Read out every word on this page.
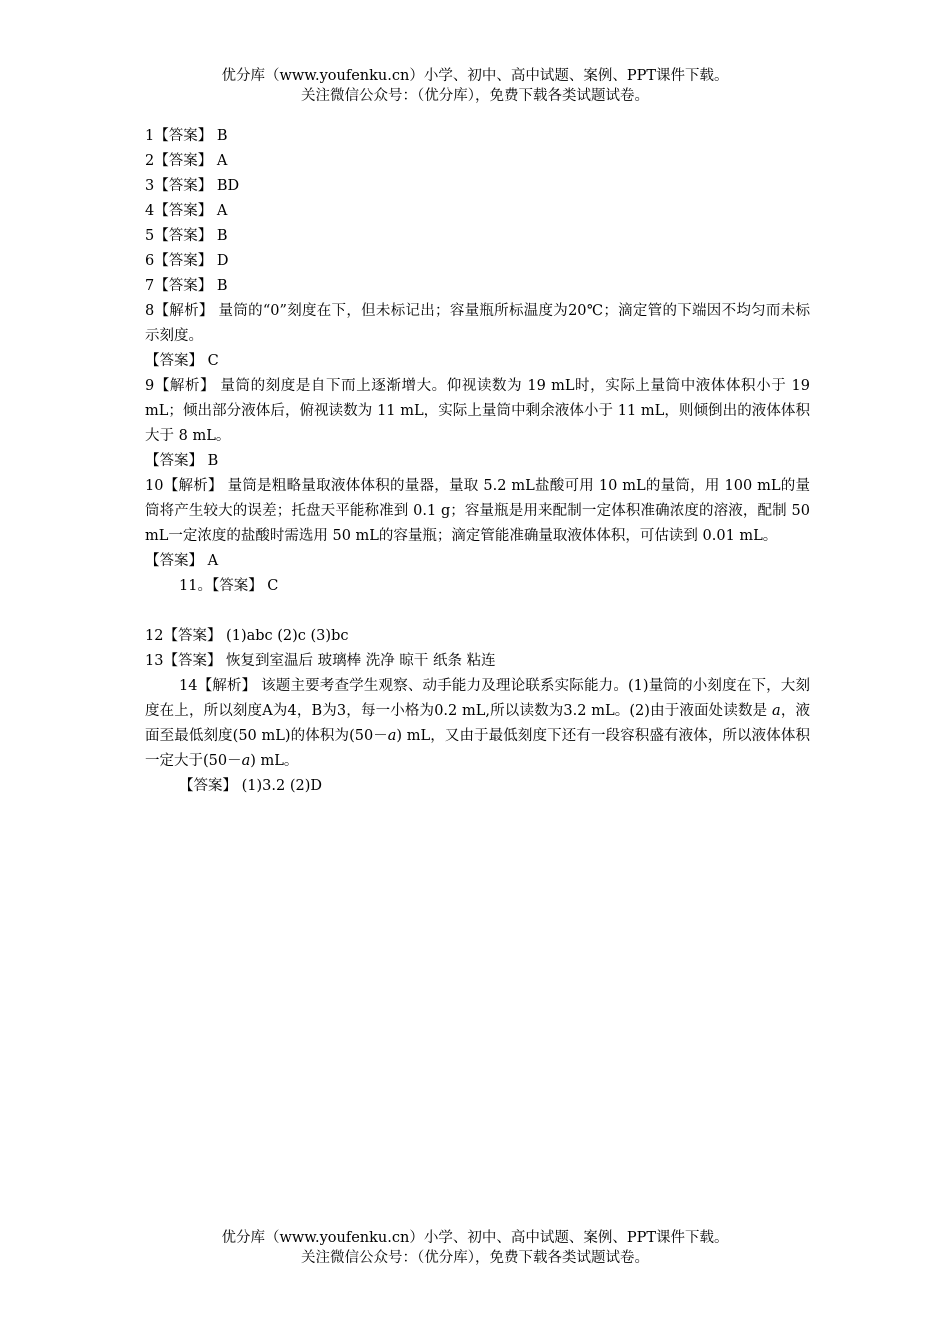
优分库（www.youfenku.cn）小学、初中、高中试题、案例、PPT课件下载。
关注微信公众号：（优分库），免费下载各类试题试卷。

1【答案】 B

2【答案】 A

3【答案】 BD

4【答案】 A

5【答案】 B

6【答案】 D

7【答案】 B

8【解析】 量筒的“0”刻度在下，但未标记出；容量瓶所标温度为20℃；滴定管的下端因不均匀而未标示刻度。

【答案】 C

9【解析】 量筒的刻度是自下而上逐渐增大。仰视读数为 19 mL时，实际上量筒中液体体积小于 19 mL；倾出部分液体后，俯视读数为 11 mL，实际上量筒中剩余液体小于 11 mL，则倾倒出的液体体积大于 8 mL。

【答案】 B

10【解析】 量筒是粗略量取液体体积的量器，量取 5.2 mL盐酸可用 10 mL的量筒，用 100 mL的量筒将产生较大的误差；托盘天平能称准到 0.1 g；容量瓶是用来配制一定体积准确浓度的溶液，配制 50 mL一定浓度的盐酸时需选用 50 mL的容量瓶；滴定管能准确量取液体体积，可估读到 0.01 mL。

【答案】 A

11。【答案】 C

12【答案】 (1)abc (2)c (3)bc

13【答案】 恢复到室温后 玻璃棒 洗净 晾干 纸条 粘连

14【解析】 该题主要考查学生观察、动手能力及理论联系实际能力。(1)量筒的小刻度在下，大刻度在上，所以刻度A为4，B为3，每一小格为0.2 mL,所以读数为3.2 mL。(2)由于液面处读数是 a，液面至最低刻度(50 mL)的体积为(50－a) mL，又由于最低刻度下还有一段容积盛有液体，所以液体体积一定大于(50－a) mL。

【答案】 (1)3.2 (2)D

优分库（www.youfenku.cn）小学、初中、高中试题、案例、PPT课件下载。
关注微信公众号：（优分库），免费下载各类试题试卷。
